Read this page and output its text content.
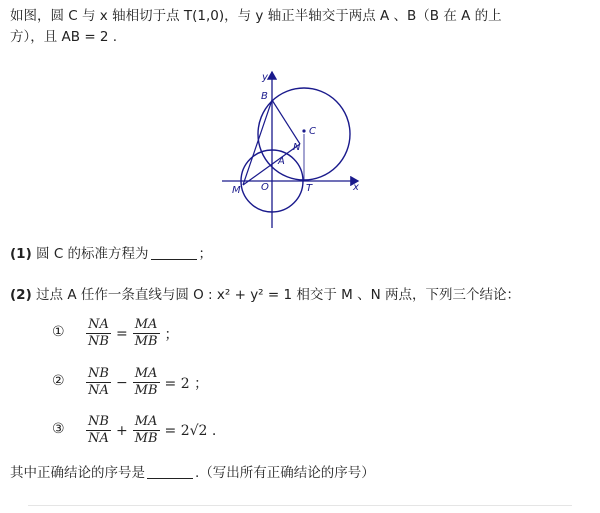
如图，圆 C 与 x 轴相切于点 T(1,0)，与 y 轴正半轴交于两点 A 、B（B 在 A 的上
方），且 AB = 2 .
y
B
C
N
A
O	T	x
M
(1) 圆 C 的标准方程为	；
(2) 过点 A 任作一条直线与圆 O : x² + y² = 1 相交于 M 、N 两点，下列三个结论：
① $\frac{NA}{NB} = \frac{MA}{MB}$ ；
② $\frac{NB}{NA} - \frac{MA}{MB} = 2$ ；
③ $\frac{NB}{NA} + \frac{MA}{MB} = 2√2$ .
其中正确结论的序号是	.（写出所有正确结论的序号）
